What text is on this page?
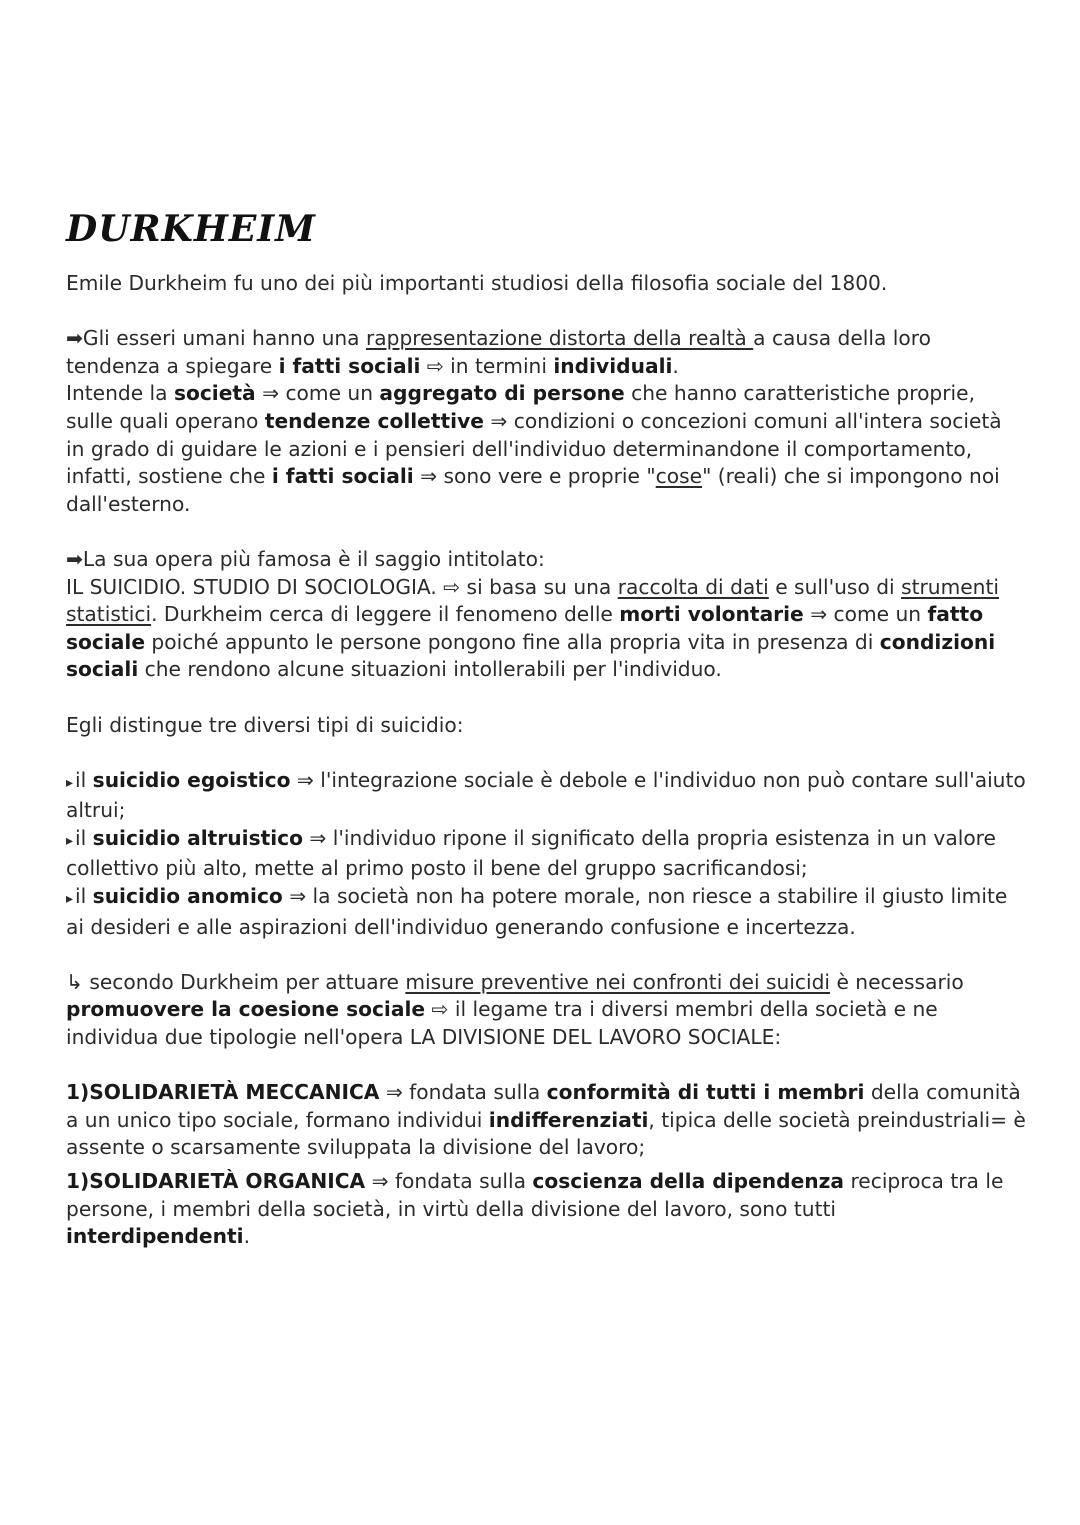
DURKHEIM

Emile Durkheim fu uno dei più importanti studiosi della filosofia sociale del 1800.

➡Gli esseri umani hanno una rappresentazione distorta della realtà a causa della loro tendenza a spiegare i fatti sociali ⇨ in termini individuali.
Intende la società ⇒ come un aggregato di persone che hanno caratteristiche proprie, sulle quali operano tendenze collettive ⇒ condizioni o concezioni comuni all'intera società in grado di guidare le azioni e i pensieri dell'individuo determinandone il comportamento, infatti, sostiene che i fatti sociali ⇒ sono vere e proprie "cose" (reali) che si impongono noi dall'esterno.

➡La sua opera più famosa è il saggio intitolato:
IL SUICIDIO. STUDIO DI SOCIOLOGIA. ⇨ si basa su una raccolta di dati e sull'uso di strumenti statistici. Durkheim cerca di leggere il fenomeno delle morti volontarie ⇒ come un fatto sociale poiché appunto le persone pongono fine alla propria vita in presenza di condizioni sociali che rendono alcune situazioni intollerabili per l'individuo.

Egli distingue tre diversi tipi di suicidio:

▸il suicidio egoistico ⇒ l'integrazione sociale è debole e l'individuo non può contare sull'aiuto altrui;

▸il suicidio altruistico ⇒ l'individuo ripone il significato della propria esistenza in un valore collettivo più alto, mette al primo posto il bene del gruppo sacrificandosi;

▸il suicidio anomico ⇒ la società non ha potere morale, non riesce a stabilire il giusto limite ai desideri e alle aspirazioni dell'individuo generando confusione e incertezza.

↳ secondo Durkheim per attuare misure preventive nei confronti dei suicidi è necessario promuovere la coesione sociale ⇨ il legame tra i diversi membri della società e ne individua due tipologie nell'opera LA DIVISIONE DEL LAVORO SOCIALE:

1)SOLIDARIETÀ MECCANICA ⇒ fondata sulla conformità di tutti i membri della comunità a un unico tipo sociale, formano individui indifferenziati, tipica delle società preindustriali= è assente o scarsamente sviluppata la divisione del lavoro;

1)SOLIDARIETÀ ORGANICA ⇒ fondata sulla coscienza della dipendenza reciproca tra le persone, i membri della società, in virtù della divisione del lavoro, sono tutti interdipendenti.
